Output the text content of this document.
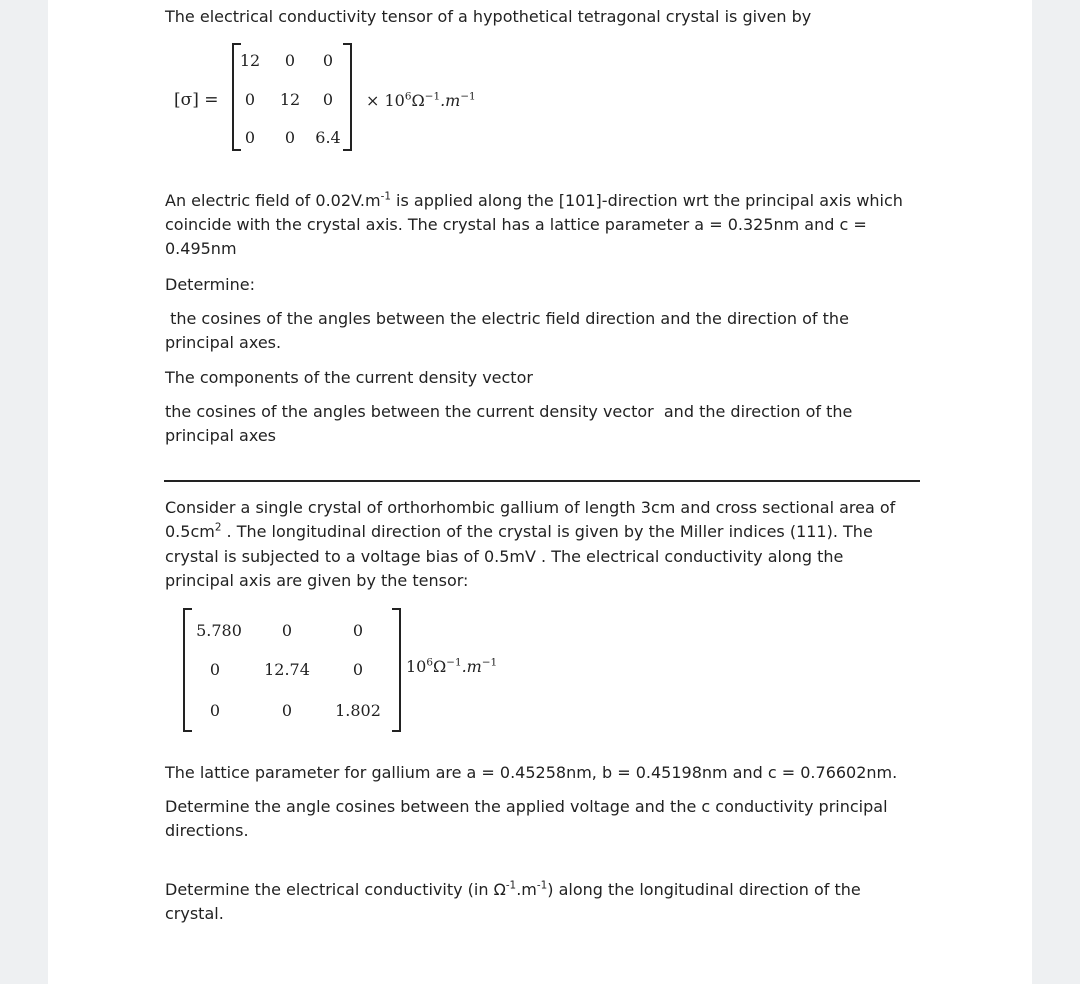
The electrical conductivity tensor of a hypothetical tetragonal crystal is given by

[σ] =
12	0	0
0	12	0
0	0	6.4
× $10^6\Omega^{-1}.m^{-1}$

An electric field of $0.02V.m^{-1}$ is applied along the [101]-direction wrt the principal axis which

coincide with the crystal axis. The crystal has a lattice parameter a = 0.325nm and c =

0.495nm

Determine:

the cosines of the angles between the electric field direction and the direction of the

principal axes.

The components of the current density vector

the cosines of the angles between the current density vector  and the direction of the

principal axes

Consider a single crystal of orthorhombic gallium of length 3cm and cross sectional area of

$0.5cm^2$ . The longitudinal direction of the crystal is given by the Miller indices (111). The

crystal is subjected to a voltage bias of 0.5mV . The electrical conductivity along the

principal axis are given by the tensor:

5.780	0	0
0	12.74	0
0	0	1.802
$10^6\Omega^{-1}.m^{-1}$

The lattice parameter for gallium are a = 0.45258nm, b = 0.45198nm and c = 0.76602nm.

Determine the angle cosines between the applied voltage and the c conductivity principal

directions.

Determine the electrical conductivity (in $\Omega^{-1}.m^{-1}$) along the longitudinal direction of the

crystal.
